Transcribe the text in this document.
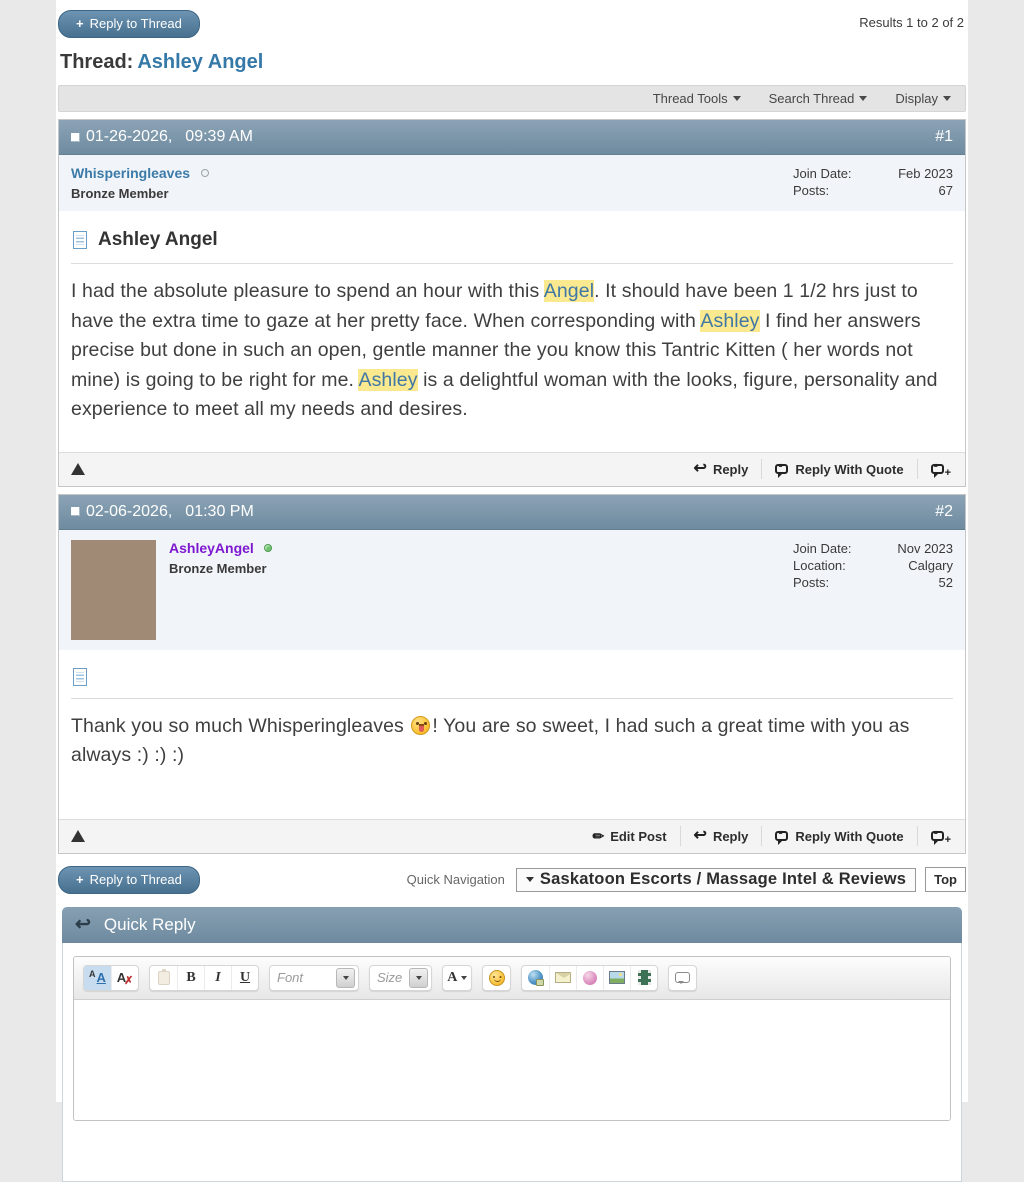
+ Reply to Thread	Results 1 to 2 of 2
Thread: Ashley Angel
Thread Tools	Search Thread	Display
01-26-2026, 09:39 AM	#1
Whisperingleaves
Bronze Member
Join Date:	Feb 2023
Posts:	67
Ashley Angel
I had the absolute pleasure to spend an hour with this Angel. It should have been 1 1/2 hrs just to have the extra time to gaze at her pretty face. When corresponding with Ashley I find her answers precise but done in such an open, gentle manner the you know this Tantric Kitten ( her words not mine) is going to be right for me. Ashley is a delightful woman with the looks, figure, personality and experience to meet all my needs and desires.
↩ Reply ❛❛	Reply With Quote ❛❛	+
02-06-2026, 01:30 PM	#2
AshleyAngel
Bronze Member
Join Date:	Nov 2023
Location:	Calgary
Posts:	52
Thank you so much Whisperingleaves ! You are so sweet, I had such a great time with you as always :) :) :)
✏ Edit Post ↩ Reply ❛❛	Reply With Quote ❛❛	+
+ Reply to Thread	Quick Navigation Saskatoon Escorts / Massage Intel & Reviews	Top
↩ Quick Reply
A A A
✗	B	I	U	Font	Size	A
